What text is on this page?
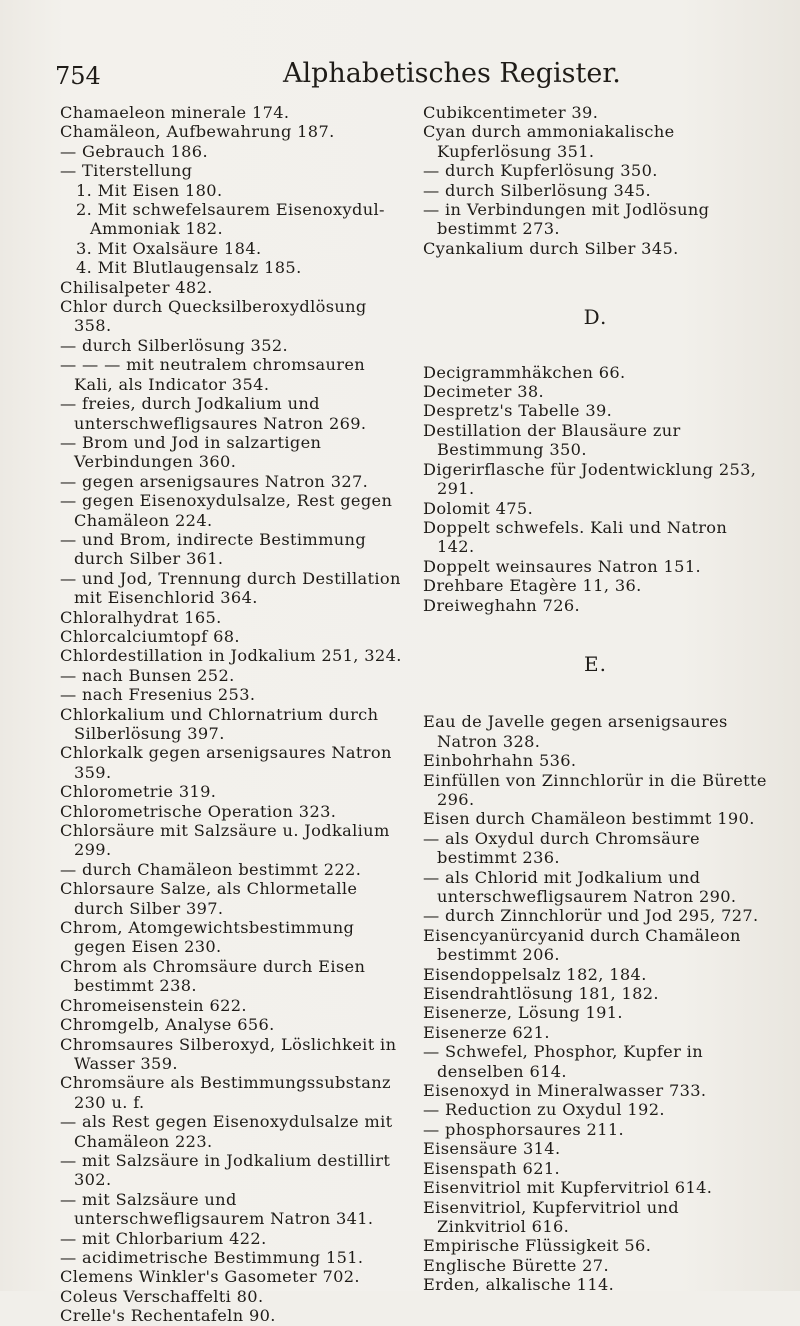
754	Alphabetisches Register.

Chamaeleon minerale 174.

Chamäleon, Aufbewahrung 187.

— Gebrauch 186.

— Titerstellung

1. Mit Eisen 180.

2. Mit schwefelsaurem Eisenoxydul-Ammoniak 182.

3. Mit Oxalsäure 184.

4. Mit Blutlaugensalz 185.

Chilisalpeter 482.

Chlor durch Quecksilberoxydlösung 358.

— durch Silberlösung 352.

— — — mit neutralem chromsauren Kali, als Indicator 354.

— freies, durch Jodkalium und unterschwefligsaures Natron 269.

— Brom und Jod in salzartigen Verbindungen 360.

— gegen arsenigsaures Natron 327.

— gegen Eisenoxydulsalze, Rest gegen Chamäleon 224.

— und Brom, indirecte Bestimmung durch Silber 361.

— und Jod, Trennung durch Destillation mit Eisenchlorid 364.

Chloralhydrat 165.

Chlorcalciumtopf 68.

Chlordestillation in Jodkalium 251, 324.

— nach Bunsen 252.

— nach Fresenius 253.

Chlorkalium und Chlornatrium durch Silberlösung 397.

Chlorkalk gegen arsenigsaures Natron 359.

Chlorometrie 319.

Chlorometrische Operation 323.

Chlorsäure mit Salzsäure u. Jodkalium 299.

— durch Chamäleon bestimmt 222.

Chlorsaure Salze, als Chlormetalle durch Silber 397.

Chrom, Atomgewichtsbestimmung gegen Eisen 230.

Chrom als Chromsäure durch Eisen bestimmt 238.

Chromeisenstein 622.

Chromgelb, Analyse 656.

Chromsaures Silberoxyd, Löslichkeit in Wasser 359.

Chromsäure als Bestimmungssubstanz 230 u. f.

— als Rest gegen Eisenoxydulsalze mit Chamäleon 223.

— mit Salzsäure in Jodkalium destillirt 302.

— mit Salzsäure und unterschwefligsaurem Natron 341.

— mit Chlorbarium 422.

— acidimetrische Bestimmung 151.

Clemens Winkler's Gasometer 702.

Coleus Verschaffelti 80.

Crelle's Rechentafeln 90.

Cubikcentimeter 39.

Cyan durch ammoniakalische Kupferlösung 351.

— durch Kupferlösung 350.

— durch Silberlösung 345.

— in Verbindungen mit Jodlösung bestimmt 273.

Cyankalium durch Silber 345.

D.

Decigrammhäkchen 66.

Decimeter 38.

Despretz's Tabelle 39.

Destillation der Blausäure zur Bestimmung 350.

Digerirflasche für Jodentwicklung 253, 291.

Dolomit 475.

Doppelt schwefels. Kali und Natron 142.

Doppelt weinsaures Natron 151.

Drehbare Etagère 11, 36.

Dreiweghahn 726.

E.

Eau de Javelle gegen arsenigsaures Natron 328.

Einbohrhahn 536.

Einfüllen von Zinnchlorür in die Bürette 296.

Eisen durch Chamäleon bestimmt 190.

— als Oxydul durch Chromsäure bestimmt 236.

— als Chlorid mit Jodkalium und unterschwefligsaurem Natron 290.

— durch Zinnchlorür und Jod 295, 727.

Eisencyanürcyanid durch Chamäleon bestimmt 206.

Eisendoppelsalz 182, 184.

Eisendrahtlösung 181, 182.

Eisenerze, Lösung 191.

Eisenerze 621.

— Schwefel, Phosphor, Kupfer in denselben 614.

Eisenoxyd in Mineralwasser 733.

— Reduction zu Oxydul 192.

— phosphorsaures 211.

Eisensäure 314.

Eisenspath 621.

Eisenvitriol mit Kupfervitriol 614.

Eisenvitriol, Kupfervitriol und Zinkvitriol 616.

Empirische Flüssigkeit 56.

Englische Bürette 27.

Erden, alkalische 114.
